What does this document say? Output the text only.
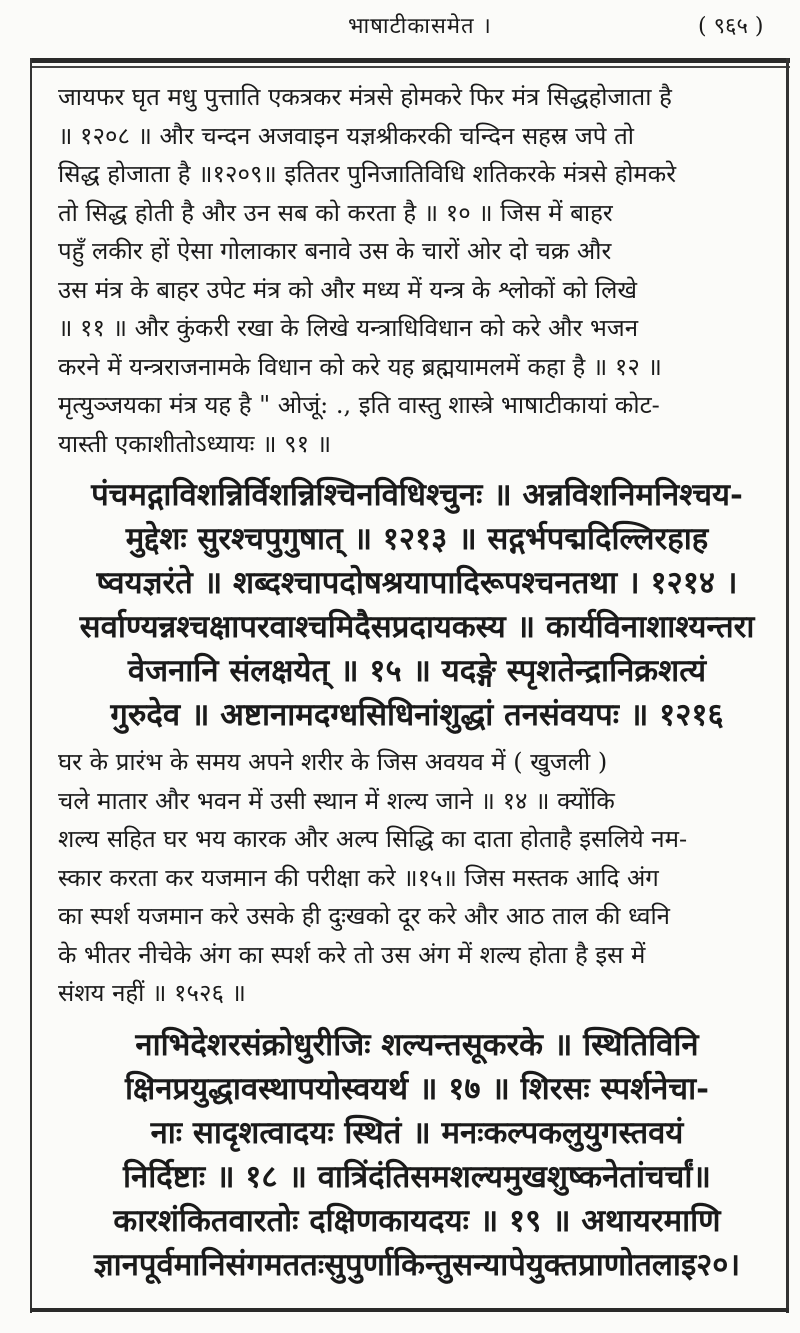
भाषाटीकासमेत ।	( ९६५ )
जायफर घृत मधु पुत्ताति एकत्रकर मंत्रसे होमकरे फिर मंत्र सिद्धहोजाता है
॥ १२०८ ॥ और चन्दन अजवाइन यज्ञश्रीकरकी चन्दिन सहस्र जपे तो
सिद्ध होजाता है ॥१२०९॥ इतितर पुनिजातिविधि शतिकरके मंत्रसे होमकरे
तो सिद्ध होती है और उन सब को करता है ॥ १० ॥ जिस में बाहर
पहुँ लकीर हों ऐसा गोलाकार बनावे उस के चारों ओर दो चक्र और
उस मंत्र के बाहर उपेट मंत्र को और मध्य में यन्त्र के श्लोकों को लिखे
॥ ११ ॥ और कुंकरी रखा के लिखे यन्त्राधिविधान को करे और भजन
करने में यन्त्रराजनामके विधान को करे यह ब्रह्मयामलमें कहा है ॥ १२ ॥
मृत्युञ्जयका मंत्र यह है " ओजूं: ., इति वास्तु शास्त्रे भाषाटीकायां कोट-
यास्ती एकाशीतोऽध्यायः ॥ ९१ ॥
पंचमद्गाविशन्निर्विशन्निश्चिनविधिश्चुनः ॥ अन्नविशनिमनिश्चय-
मुद्देशः सुरश्चपुगुषात् ॥ १२१३ ॥ सद्गर्भपद्मदिल्लिरहाह
ष्वयज्ञरंते ॥ शब्दश्चापदोषश्रयापादिरूपश्चनतथा । १२१४ ।
सर्वाण्यन्नश्चक्षापरवाश्चमिदैसप्रदायकस्य ॥ कार्यविनाशाश्यन्तरा
वेजनानि संलक्षयेत् ॥ १५ ॥ यदङ्गे स्पृशतेन्द्रानिक्रशत्यं
गुरुदेव ॥ अष्टानामदग्धसिधिनांशुद्धां तनसंवयपः ॥ १२१६
घर के प्रारंभ के समय अपने शरीर के जिस अवयव में ( खुजली )
चले मातार और भवन में उसी स्थान में शल्य जाने ॥ १४ ॥ क्योंकि
शल्य सहित घर भय कारक और अल्प सिद्धि का दाता होताहै इसलिये नम-
स्कार करता कर यजमान की परीक्षा करे ॥१५॥ जिस मस्तक आदि अंग
का स्पर्श यजमान करे उसके ही दुःखको दूर करे और आठ ताल की ध्वनि
के भीतर नीचेके अंग का स्पर्श करे तो उस अंग में शल्य होता है इस में
संशय नहीं ॥ १५२६ ॥
नाभिदेशरसंक्रोधुरीजिः शल्यन्तसूकरके ॥ स्थितिविनि
क्षिनप्रयुद्धावस्थापयोस्वयर्थ ॥ १७ ॥ शिरसः स्पर्शनेचा-
नाः सादृशत्वादयः स्थितं ॥ मनःकल्पकलुयुगस्तवयं
निर्दिष्टाः ॥ १८ ॥ वात्रिंदंतिसमशल्यमुखशुष्कनेतांचर्चां॥
कारशंकितवारतोः दक्षिणकायदयः ॥ १९ ॥ अथायरमाणि
ज्ञानपूर्वमानिसंगमततःसुपुर्णाकिन्तुसन्यापेयुक्तप्राणोतलाइ२०।
